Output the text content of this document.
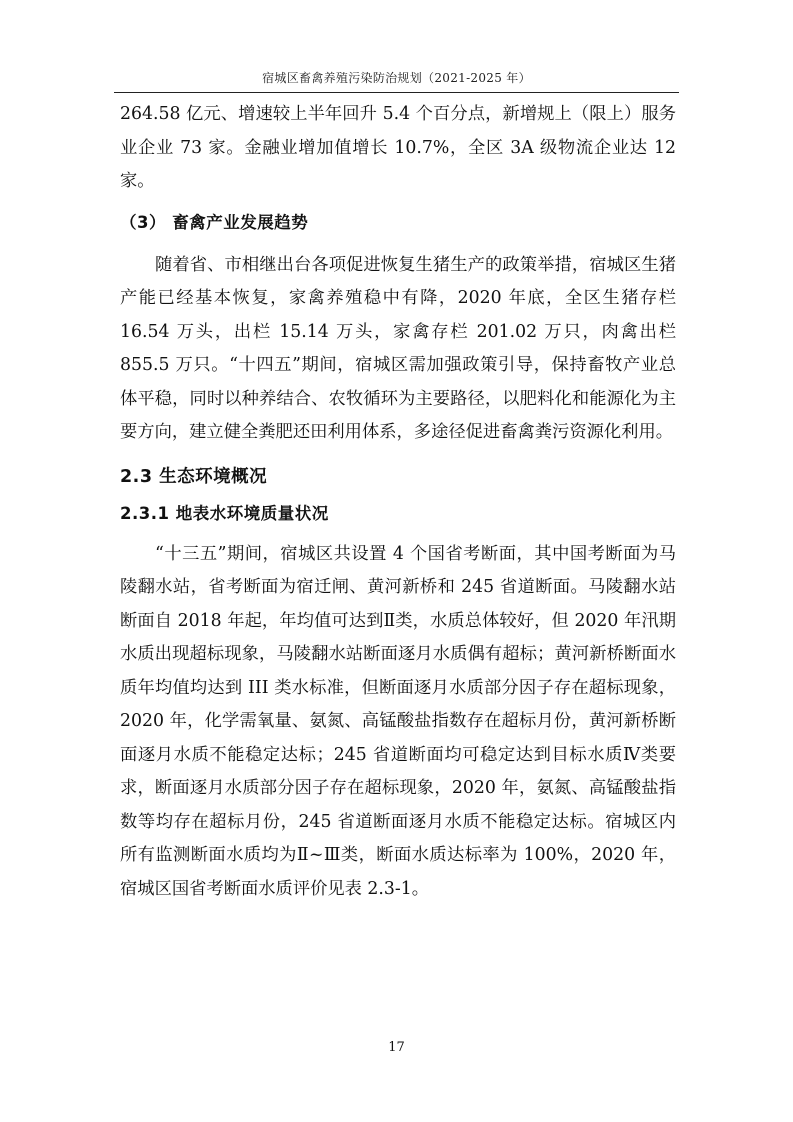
宿城区畜禽养殖污染防治规划（2021-2025 年）

264.58 亿元、增速较上半年回升 5.4 个百分点，新增规上（限上）服务业企业 73 家。金融业增加值增长 10.7%，全区 3A 级物流企业达 12 家。

（3） 畜禽产业发展趋势

随着省、市相继出台各项促进恢复生猪生产的政策举措，宿城区生猪产能已经基本恢复，家禽养殖稳中有降，2020 年底，全区生猪存栏 16.54 万头，出栏 15.14 万头，家禽存栏 201.02 万只，肉禽出栏 855.5 万只。“十四五”期间，宿城区需加强政策引导，保持畜牧产业总体平稳，同时以种养结合、农牧循环为主要路径，以肥料化和能源化为主要方向，建立健全粪肥还田利用体系，多途径促进畜禽粪污资源化利用。

2.3 生态环境概况
2.3.1 地表水环境质量状况

“十三五”期间，宿城区共设置 4 个国省考断面，其中国考断面为马陵翻水站，省考断面为宿迁闸、黄河新桥和 245 省道断面。马陵翻水站断面自 2018 年起，年均值可达到Ⅱ类，水质总体较好，但 2020 年汛期水质出现超标现象，马陵翻水站断面逐月水质偶有超标；黄河新桥断面水质年均值均达到 III 类水标准，但断面逐月水质部分因子存在超标现象，2020 年，化学需氧量、氨氮、高锰酸盐指数存在超标月份，黄河新桥断面逐月水质不能稳定达标；245 省道断面均可稳定达到目标水质Ⅳ类要求，断面逐月水质部分因子存在超标现象，2020 年，氨氮、高锰酸盐指数等均存在超标月份，245 省道断面逐月水质不能稳定达标。宿城区内所有监测断面水质均为Ⅱ~Ⅲ类，断面水质达标率为 100%，2020 年，宿城区国省考断面水质评价见表 2.3-1。

17
